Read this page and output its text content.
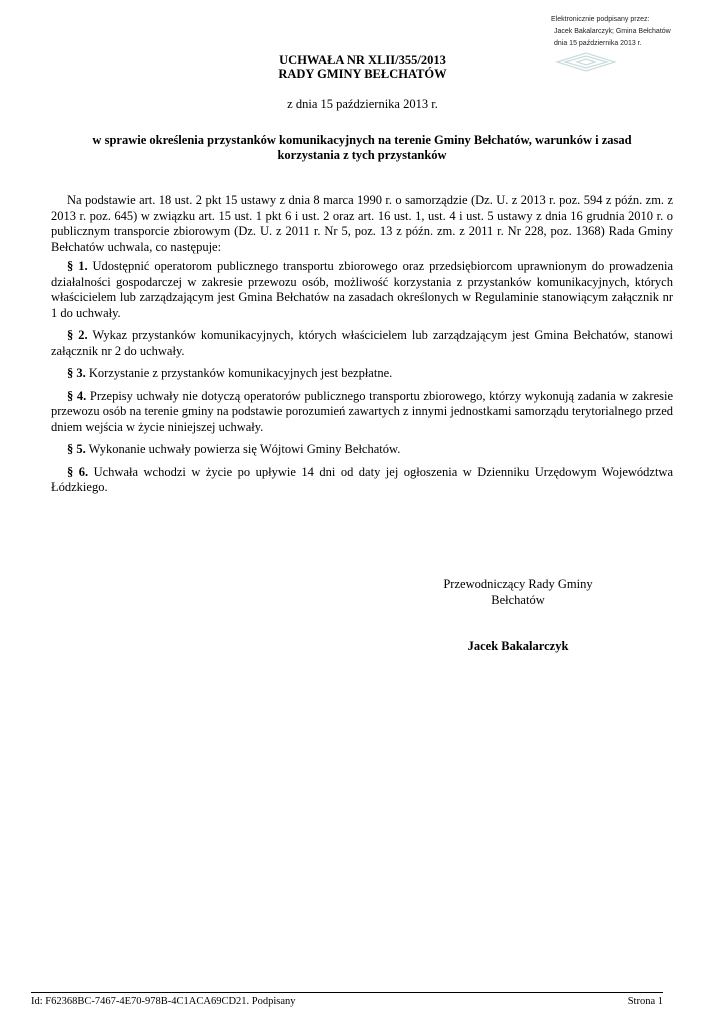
Elektronicznie podpisany przez:
Jacek Bakalarczyk; Gmina Bełchatów
dnia 15 października 2013 r.
UCHWAŁA NR XLII/355/2013
RADY GMINY BEŁCHATÓW
z dnia 15 października 2013 r.
w sprawie określenia przystanków komunikacyjnych na terenie Gminy Bełchatów, warunków i zasad korzystania z tych przystanków

Na podstawie art. 18 ust. 2 pkt 15 ustawy z dnia 8 marca 1990 r. o samorządzie (Dz. U. z 2013 r. poz. 594 z późn. zm. z 2013 r. poz. 645) w związku art. 15 ust. 1 pkt 6 i ust. 2 oraz art. 16 ust. 1, ust. 4 i ust. 5 ustawy z dnia 16 grudnia 2010 r. o publicznym transporcie zbiorowym (Dz. U. z 2011 r. Nr 5, poz. 13 z późn. zm. z 2011 r. Nr 228, poz. 1368) Rada Gminy Bełchatów uchwala, co następuje:

§ 1. Udostępnić operatorom publicznego transportu zbiorowego oraz przedsiębiorcom uprawnionym do prowadzenia działalności gospodarczej w zakresie przewozu osób, możliwość korzystania z przystanków komunikacyjnych, których właścicielem lub zarządzającym jest Gmina Bełchatów na zasadach określonych w Regulaminie stanowiącym załącznik nr 1 do uchwały.

§ 2. Wykaz przystanków komunikacyjnych, których właścicielem lub zarządzającym jest Gmina Bełchatów, stanowi załącznik nr 2 do uchwały.

§ 3. Korzystanie z przystanków komunikacyjnych jest bezpłatne.

§ 4. Przepisy uchwały nie dotyczą operatorów publicznego transportu zbiorowego, którzy wykonują zadania w zakresie przewozu osób na terenie gminy na podstawie porozumień zawartych z innymi jednostkami samorządu terytorialnego przed dniem wejścia w życie niniejszej uchwały.

§ 5. Wykonanie uchwały powierza się Wójtowi Gminy Bełchatów.

§ 6. Uchwała wchodzi w życie po upływie 14 dni od daty jej ogłoszenia w Dzienniku Urzędowym Województwa Łódzkiego.

Przewodniczący Rady Gminy
Bełchatów
Jacek Bakalarczyk
Id: F62368BC-7467-4E70-978B-4C1ACA69CD21. Podpisany	Strona 1
